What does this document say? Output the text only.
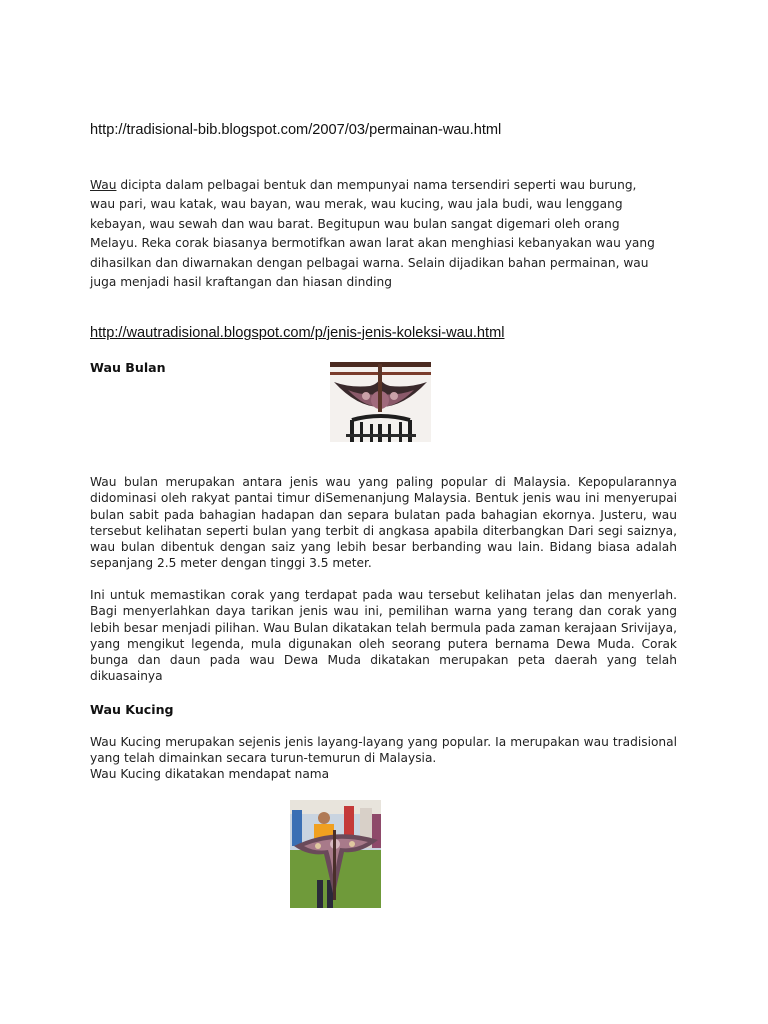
http://tradisional-bib.blogspot.com/2007/03/permainan-wau.html
Wau dicipta dalam pelbagai bentuk dan mempunyai nama tersendiri seperti wau burung,
wau pari, wau katak, wau bayan, wau merak, wau kucing, wau jala budi, wau lenggang
kebayan, wau sewah dan wau barat. Begitupun wau bulan sangat digemari oleh orang
Melayu. Reka corak biasanya bermotifkan awan larat akan menghiasi kebanyakan wau yang
dihasilkan dan diwarnakan dengan pelbagai warna. Selain dijadikan bahan permainan, wau
juga menjadi hasil kraftangan dan hiasan dinding
http://wautradisional.blogspot.com/p/jenis-jenis-koleksi-wau.html
Wau Bulan
Wau bulan merupakan antara jenis wau yang paling popular di Malaysia. Kepopularannya didominasi oleh rakyat pantai timur diSemenanjung Malaysia. Bentuk jenis wau ini menyerupai bulan sabit pada bahagian hadapan dan separa bulatan pada bahagian ekornya. Justeru, wau tersebut kelihatan seperti bulan yang terbit di angkasa apabila diterbangkan Dari segi saiznya, wau bulan dibentuk dengan saiz yang lebih besar berbanding wau lain. Bidang biasa adalah sepanjang 2.5 meter dengan tinggi 3.5 meter.
Ini untuk memastikan corak yang terdapat pada wau tersebut kelihatan jelas dan menyerlah. Bagi menyerlahkan daya tarikan jenis wau ini, pemilihan warna yang terang dan corak yang lebih besar menjadi pilihan. Wau Bulan dikatakan telah bermula pada zaman kerajaan Srivijaya, yang mengikut legenda, mula digunakan oleh seorang putera bernama Dewa Muda. Corak bunga dan daun pada wau Dewa Muda dikatakan merupakan peta daerah yang telah dikuasainya
Wau Kucing
Wau Kucing merupakan sejenis jenis layang-layang yang popular. Ia merupakan wau tradisional yang telah dimainkan secara turun-temurun di Malaysia.
Wau Kucing dikatakan mendapat nama
